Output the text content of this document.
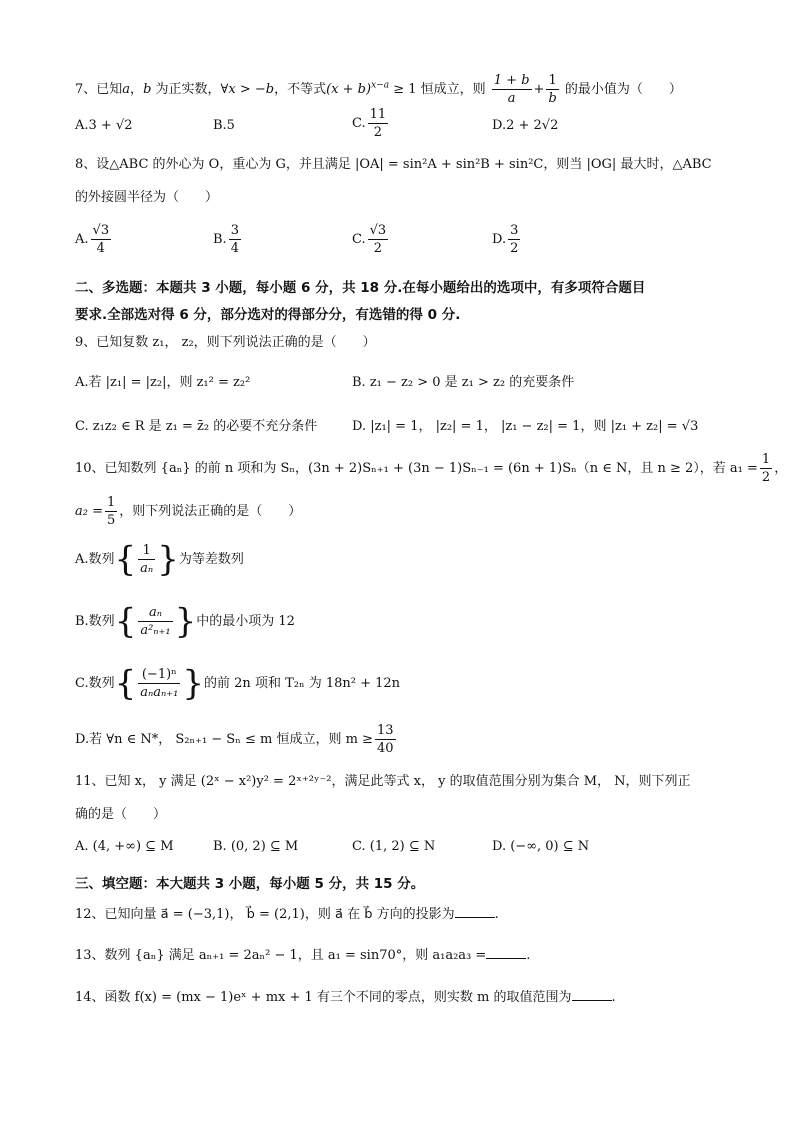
7、已知a，b 为正实数，∀x > −b，不等式$(x + b)^{x-a} \ge 1$ 恒成立，则 $\frac{1 + b}{a} + \frac{1}{b}$ 的最小值为（　　）
A.3 + √2	B.5	C. $\frac{11}{2}$	D.2 + 2√2
8、设△ABC 的外心为 O，重心为 G，并且满足 |OA| = sin²A + sin²B + sin²C，则当 |OG| 最大时，△ABC
的外接圆半径为（　　）
A. $\frac{√3}{4}$	B. $\frac{3}{4}$	C. $\frac{√3}{2}$	D. $\frac{3}{2}$
二、多选题：本题共 3 小题，每小题 6 分，共 18 分.在每小题给出的选项中，有多项符合题目
要求.全部选对得 6 分，部分选对的得部分分，有选错的得 0 分.
9、已知复数 z₁， z₂，则下列说法正确的是（　　）
A.若 |z₁| = |z₂|，则 z₁² = z₂²	B. z₁ − z₂ > 0 是 z₁ > z₂ 的充要条件
C. z₁z₂ ∈ R 是 z₁ = z̄₂ 的必要不充分条件	D. |z₁| = 1， |z₂| = 1， |z₁ − z₂| = 1，则 |z₁ + z₂| = √3
10、已知数列 {aₙ} 的前 n 项和为 Sₙ，(3n + 2)Sₙ₊₁ + (3n − 1)Sₙ₋₁ = (6n + 1)Sₙ（n ∈ N，且 n ≥ 2），若 $a_1 = \frac{1}{2}$ ，
$a_2 = \frac{1}{5}$ ，则下列说法正确的是（　　）
A.数列{ $\frac{1}{\text{aₙ}}$ }为等差数列
B.数列{ $\frac{\text{aₙ}}{\text{a²ₙ₊₁}}$ }中的最小项为 12
C.数列{ $\frac{\text{(−1)ⁿ}}{\text{aₙaₙ₊₁}}$ }的前 2n 项和 T₂ₙ 为 18n² + 12n
D.若 ∀n ∈ N*， S₂ₙ₊₁ − Sₙ ≤ m 恒成立，则 $m \ge \frac{13}{40}$
11、已知 x， y 满足 (2ˣ − x²)y² = 2ˣ⁺²ʸ⁻²，满足此等式 x， y 的取值范围分别为集合 M， N，则下列正
确的是（　　）
A. (4, +∞) ⊆ M	B. (0, 2) ⊆ M	C. (1, 2) ⊆ N	D. (−∞, 0) ⊆ N
三、填空题：本大题共 3 小题，每小题 5 分，共 15 分。
12、已知向量 a⃗ = (−3,1)， b⃗ = (2,1)，则 a⃗ 在 b⃗ 方向的投影为	.
13、数列 {aₙ} 满足 aₙ₊₁ = 2aₙ² − 1，且 a₁ = sin70°，则 a₁a₂a₃ =	.
14、函数 f(x) = (mx − 1)eˣ + mx + 1 有三个不同的零点，则实数 m 的取值范围为	.
